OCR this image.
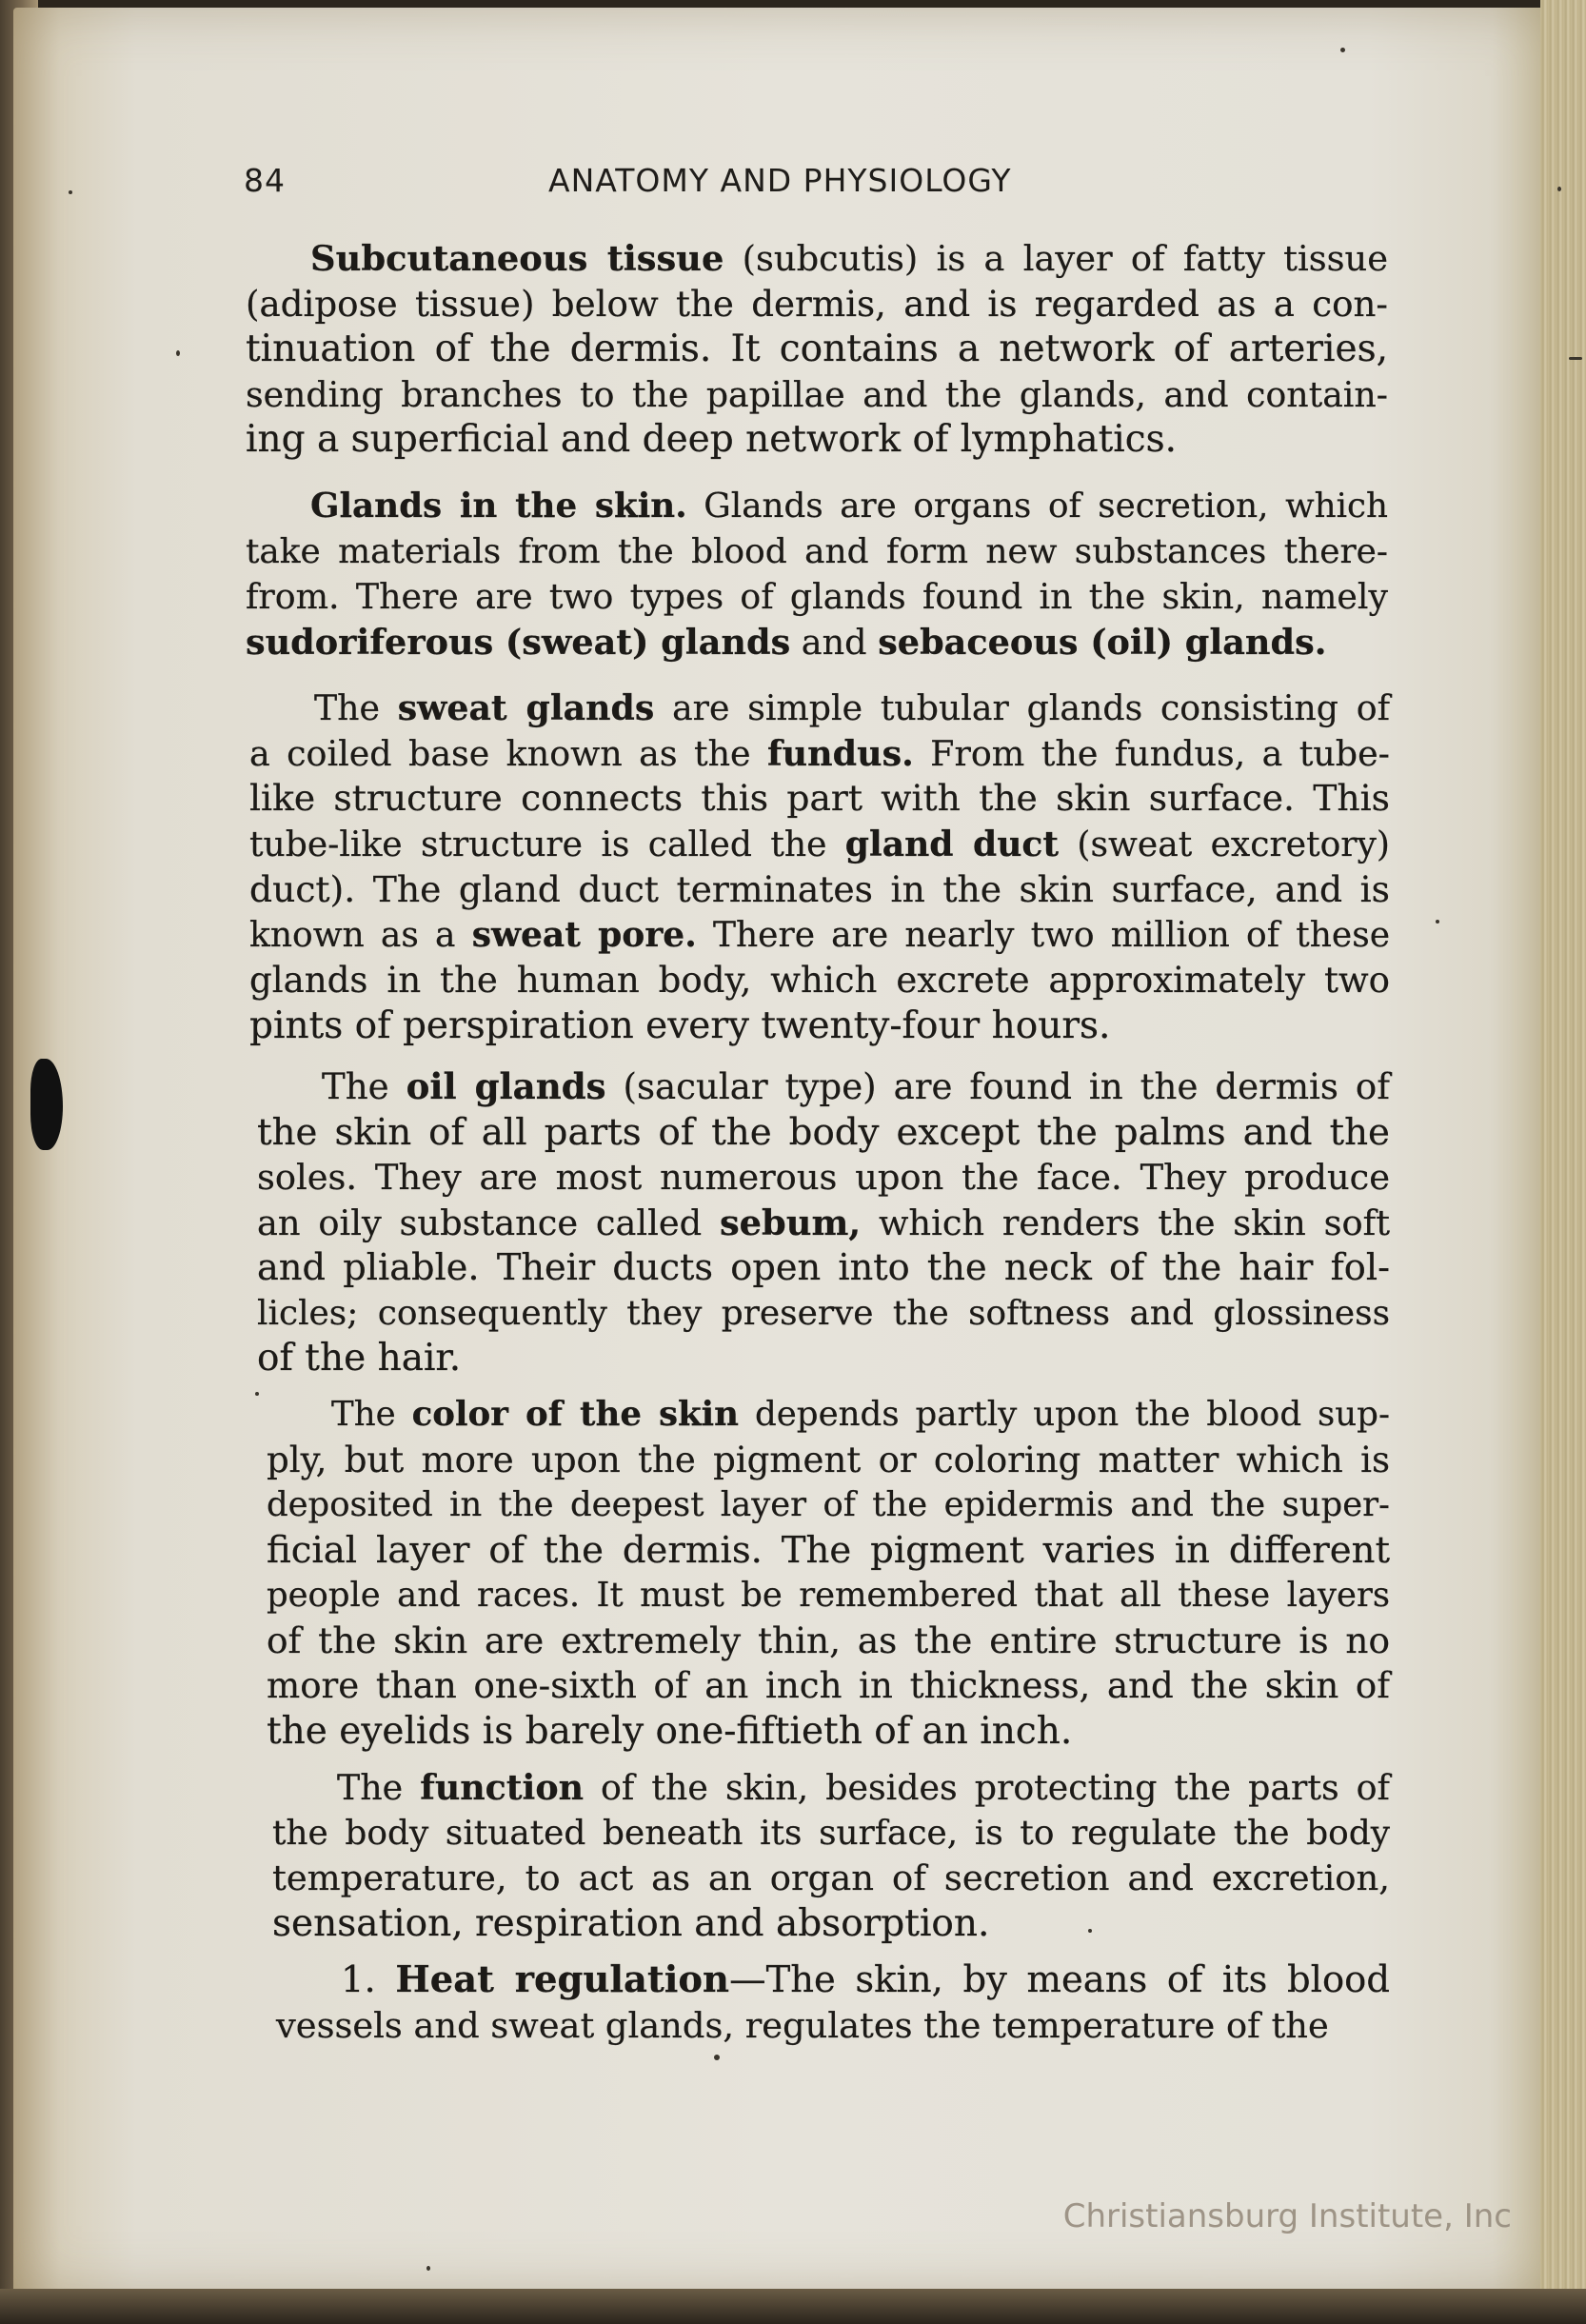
84	ANATOMY AND PHYSIOLOGY
Subcutaneous tissue (subcutis) is a layer of fatty tissue
(adipose tissue) below the dermis, and is regarded as a con-
tinuation of the dermis. It contains a network of arteries,
sending branches to the papillae and the glands, and contain-
ing a superficial and deep network of lymphatics.
Glands in the skin. Glands are organs of secretion, which
take materials from the blood and form new substances there-
from. There are two types of glands found in the skin, namely
sudoriferous (sweat) glands and sebaceous (oil) glands.
The sweat glands are simple tubular glands consisting of
a coiled base known as the fundus. From the fundus, a tube-
like structure connects this part with the skin surface. This
tube-like structure is called the gland duct (sweat excretory)
duct). The gland duct terminates in the skin surface, and is
known as a sweat pore. There are nearly two million of these
glands in the human body, which excrete approximately two
pints of perspiration every twenty-four hours.
The oil glands (sacular type) are found in the dermis of
the skin of all parts of the body except the palms and the
soles. They are most numerous upon the face. They produce
an oily substance called sebum, which renders the skin soft
and pliable. Their ducts open into the neck of the hair fol-
licles; consequently they preserve the softness and glossiness
of the hair.
The color of the skin depends partly upon the blood sup-
ply, but more upon the pigment or coloring matter which is
deposited in the deepest layer of the epidermis and the super-
ficial layer of the dermis. The pigment varies in different
people and races. It must be remembered that all these layers
of the skin are extremely thin, as the entire structure is no
more than one-sixth of an inch in thickness, and the skin of
the eyelids is barely one-fiftieth of an inch.
The function of the skin, besides protecting the parts of
the body situated beneath its surface, is to regulate the body
temperature, to act as an organ of secretion and excretion,
sensation, respiration and absorption.
1. Heat regulation—The skin, by means of its blood
vessels and sweat glands, regulates the temperature of the
Christiansburg Institute, Inc
